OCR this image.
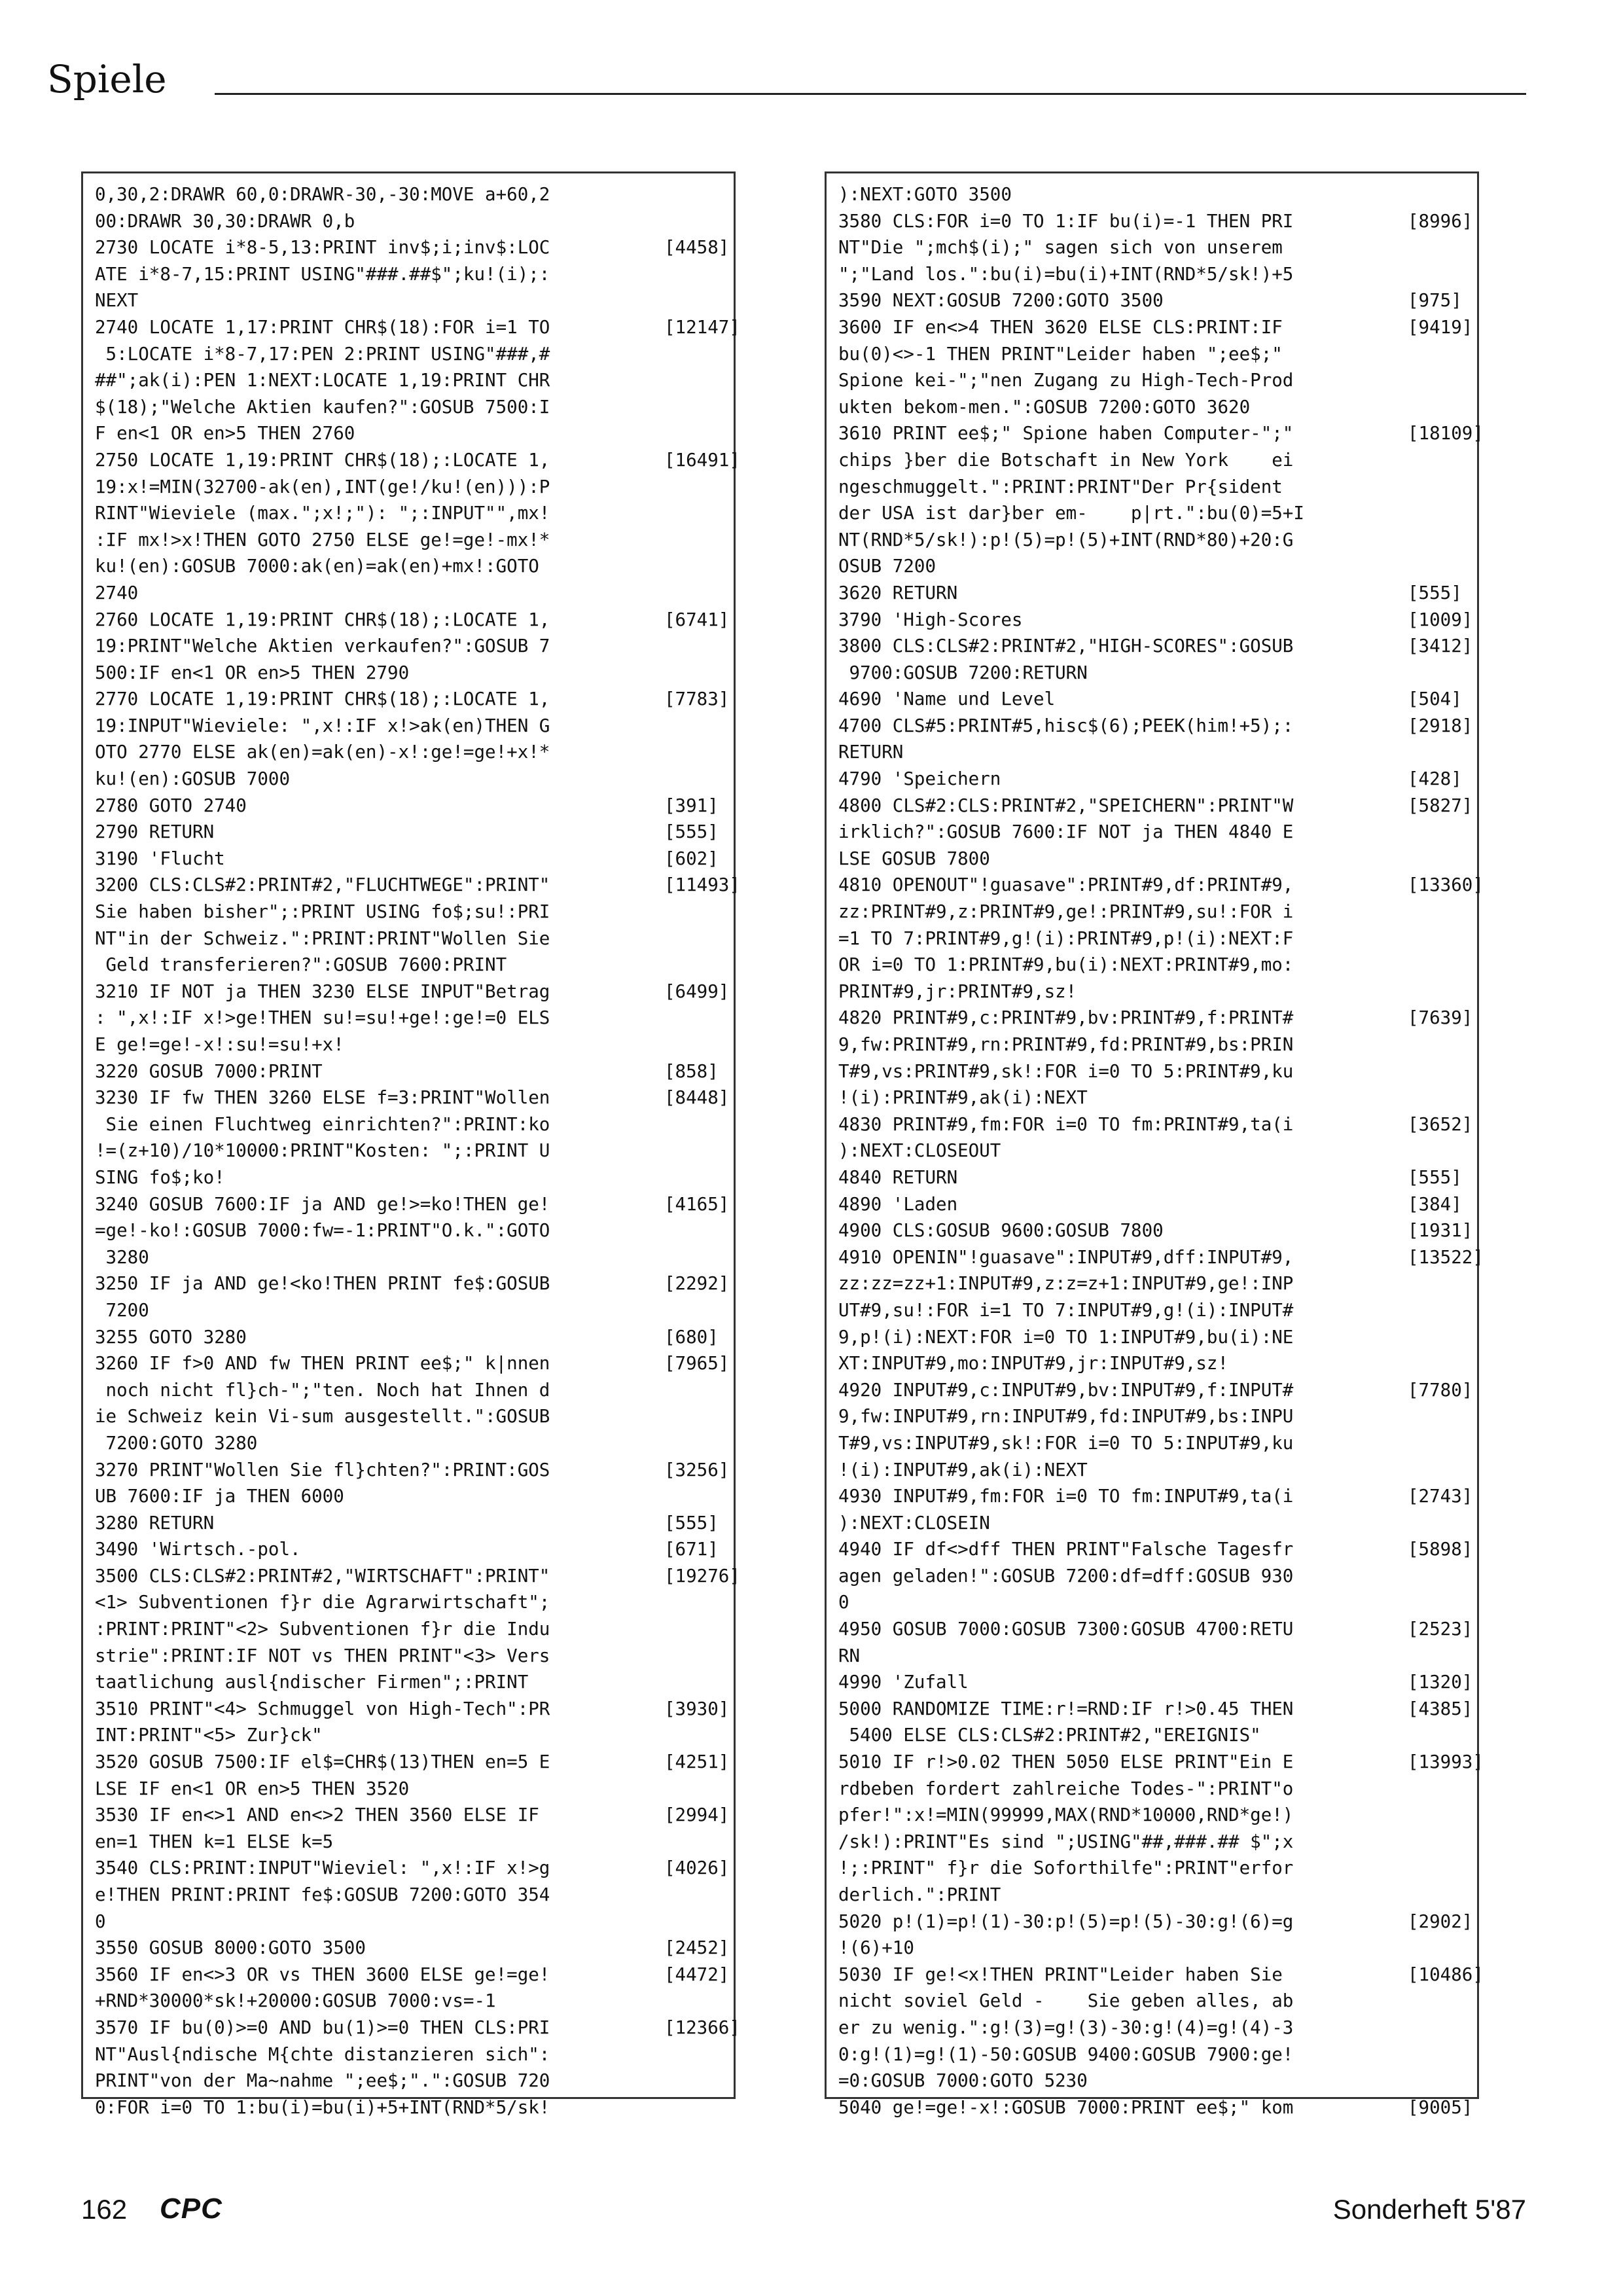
Spiele
0,30,2:DRAWR 60,0:DRAWR-30,-30:MOVE a+60,2
00:DRAWR 30,30:DRAWR 0,b
2730 LOCATE i*8-5,13:PRINT inv$;i;inv$:LOC	[4458]
ATE i*8-7,15:PRINT USING"###.##$";ku!(i);:
NEXT
2740 LOCATE 1,17:PRINT CHR$(18):FOR i=1 TO	[12147]
5:LOCATE i*8-7,17:PEN 2:PRINT USING"###,#
##";ak(i):PEN 1:NEXT:LOCATE 1,19:PRINT CHR
$(18);"Welche Aktien kaufen?":GOSUB 7500:I
F en<1 OR en>5 THEN 2760
2750 LOCATE 1,19:PRINT CHR$(18);:LOCATE 1,	[16491]
19:x!=MIN(32700-ak(en),INT(ge!/ku!(en))):P
RINT"Wieviele (max.";x!;"): ";:INPUT"",mx!
:IF mx!>x!THEN GOTO 2750 ELSE ge!=ge!-mx!*
ku!(en):GOSUB 7000:ak(en)=ak(en)+mx!:GOTO
2740
2760 LOCATE 1,19:PRINT CHR$(18);:LOCATE 1,	[6741]
19:PRINT"Welche Aktien verkaufen?":GOSUB 7
500:IF en<1 OR en>5 THEN 2790
2770 LOCATE 1,19:PRINT CHR$(18);:LOCATE 1,	[7783]
19:INPUT"Wieviele: ",x!:IF x!>ak(en)THEN G
OTO 2770 ELSE ak(en)=ak(en)-x!:ge!=ge!+x!*
ku!(en):GOSUB 7000
2780 GOTO 2740	[391]
2790 RETURN	[555]
3190 'Flucht	[602]
3200 CLS:CLS#2:PRINT#2,"FLUCHTWEGE":PRINT"	[11493]
Sie haben bisher";:PRINT USING fo$;su!:PRI
NT"in der Schweiz.":PRINT:PRINT"Wollen Sie
Geld transferieren?":GOSUB 7600:PRINT
3210 IF NOT ja THEN 3230 ELSE INPUT"Betrag	[6499]
: ",x!:IF x!>ge!THEN su!=su!+ge!:ge!=0 ELS
E ge!=ge!-x!:su!=su!+x!
3220 GOSUB 7000:PRINT	[858]
3230 IF fw THEN 3260 ELSE f=3:PRINT"Wollen	[8448]
Sie einen Fluchtweg einrichten?":PRINT:ko
!=(z+10)/10*10000:PRINT"Kosten: ";:PRINT U
SING fo$;ko!
3240 GOSUB 7600:IF ja AND ge!>=ko!THEN ge!	[4165]
=ge!-ko!:GOSUB 7000:fw=-1:PRINT"O.k.":GOTO
3280
3250 IF ja AND ge!<ko!THEN PRINT fe$:GOSUB	[2292]
7200
3255 GOTO 3280	[680]
3260 IF f>0 AND fw THEN PRINT ee$;" k|nnen	[7965]
noch nicht fl}ch-";"ten. Noch hat Ihnen d
ie Schweiz kein Vi-sum ausgestellt.":GOSUB
7200:GOTO 3280
3270 PRINT"Wollen Sie fl}chten?":PRINT:GOS	[3256]
UB 7600:IF ja THEN 6000
3280 RETURN	[555]
3490 'Wirtsch.-pol.	[671]
3500 CLS:CLS#2:PRINT#2,"WIRTSCHAFT":PRINT"	[19276]
<1> Subventionen f}r die Agrarwirtschaft";
:PRINT:PRINT"<2> Subventionen f}r die Indu
strie":PRINT:IF NOT vs THEN PRINT"<3> Vers
taatlichung ausl{ndischer Firmen";:PRINT
3510 PRINT"<4> Schmuggel von High-Tech":PR	[3930]
INT:PRINT"<5> Zur}ck"
3520 GOSUB 7500:IF el$=CHR$(13)THEN en=5 E	[4251]
LSE IF en<1 OR en>5 THEN 3520
3530 IF en<>1 AND en<>2 THEN 3560 ELSE IF	[2994]
en=1 THEN k=1 ELSE k=5
3540 CLS:PRINT:INPUT"Wieviel: ",x!:IF x!>g	[4026]
e!THEN PRINT:PRINT fe$:GOSUB 7200:GOTO 354
0
3550 GOSUB 8000:GOTO 3500	[2452]
3560 IF en<>3 OR vs THEN 3600 ELSE ge!=ge!	[4472]
+RND*30000*sk!+20000:GOSUB 7000:vs=-1
3570 IF bu(0)>=0 AND bu(1)>=0 THEN CLS:PRI	[12366]
NT"Ausl{ndische M{chte distanzieren sich":
PRINT"von der Ma~nahme ";ee$;".":GOSUB 720
0:FOR i=0 TO 1:bu(i)=bu(i)+5+INT(RND*5/sk!
):NEXT:GOTO 3500
3580 CLS:FOR i=0 TO 1:IF bu(i)=-1 THEN PRI	[8996]
NT"Die ";mch$(i);" sagen sich von unserem
";"Land los.":bu(i)=bu(i)+INT(RND*5/sk!)+5
3590 NEXT:GOSUB 7200:GOTO 3500	[975]
3600 IF en<>4 THEN 3620 ELSE CLS:PRINT:IF	[9419]
bu(0)<>-1 THEN PRINT"Leider haben ";ee$;"
Spione kei-";"nen Zugang zu High-Tech-Prod
ukten bekom-men.":GOSUB 7200:GOTO 3620
3610 PRINT ee$;" Spione haben Computer-";"	[18109]
chips }ber die Botschaft in New York    ei
ngeschmuggelt.":PRINT:PRINT"Der Pr{sident
der USA ist dar}ber em-    p|rt.":bu(0)=5+I
NT(RND*5/sk!):p!(5)=p!(5)+INT(RND*80)+20:G
OSUB 7200
3620 RETURN	[555]
3790 'High-Scores	[1009]
3800 CLS:CLS#2:PRINT#2,"HIGH-SCORES":GOSUB	[3412]
9700:GOSUB 7200:RETURN
4690 'Name und Level	[504]
4700 CLS#5:PRINT#5,hisc$(6);PEEK(him!+5);:	[2918]
RETURN
4790 'Speichern	[428]
4800 CLS#2:CLS:PRINT#2,"SPEICHERN":PRINT"W	[5827]
irklich?":GOSUB 7600:IF NOT ja THEN 4840 E
LSE GOSUB 7800
4810 OPENOUT"!guasave":PRINT#9,df:PRINT#9,	[13360]
zz:PRINT#9,z:PRINT#9,ge!:PRINT#9,su!:FOR i
=1 TO 7:PRINT#9,g!(i):PRINT#9,p!(i):NEXT:F
OR i=0 TO 1:PRINT#9,bu(i):NEXT:PRINT#9,mo:
PRINT#9,jr:PRINT#9,sz!
4820 PRINT#9,c:PRINT#9,bv:PRINT#9,f:PRINT#	[7639]
9,fw:PRINT#9,rn:PRINT#9,fd:PRINT#9,bs:PRIN
T#9,vs:PRINT#9,sk!:FOR i=0 TO 5:PRINT#9,ku
!(i):PRINT#9,ak(i):NEXT
4830 PRINT#9,fm:FOR i=0 TO fm:PRINT#9,ta(i	[3652]
):NEXT:CLOSEOUT
4840 RETURN	[555]
4890 'Laden	[384]
4900 CLS:GOSUB 9600:GOSUB 7800	[1931]
4910 OPENIN"!guasave":INPUT#9,dff:INPUT#9,	[13522]
zz:zz=zz+1:INPUT#9,z:z=z+1:INPUT#9,ge!:INP
UT#9,su!:FOR i=1 TO 7:INPUT#9,g!(i):INPUT#
9,p!(i):NEXT:FOR i=0 TO 1:INPUT#9,bu(i):NE
XT:INPUT#9,mo:INPUT#9,jr:INPUT#9,sz!
4920 INPUT#9,c:INPUT#9,bv:INPUT#9,f:INPUT#	[7780]
9,fw:INPUT#9,rn:INPUT#9,fd:INPUT#9,bs:INPU
T#9,vs:INPUT#9,sk!:FOR i=0 TO 5:INPUT#9,ku
!(i):INPUT#9,ak(i):NEXT
4930 INPUT#9,fm:FOR i=0 TO fm:INPUT#9,ta(i	[2743]
):NEXT:CLOSEIN
4940 IF df<>dff THEN PRINT"Falsche Tagesfr	[5898]
agen geladen!":GOSUB 7200:df=dff:GOSUB 930
0
4950 GOSUB 7000:GOSUB 7300:GOSUB 4700:RETU	[2523]
RN
4990 'Zufall	[1320]
5000 RANDOMIZE TIME:r!=RND:IF r!>0.45 THEN	[4385]
5400 ELSE CLS:CLS#2:PRINT#2,"EREIGNIS"
5010 IF r!>0.02 THEN 5050 ELSE PRINT"Ein E	[13993]
rdbeben fordert zahlreiche Todes-":PRINT"o
pfer!":x!=MIN(99999,MAX(RND*10000,RND*ge!)
/sk!):PRINT"Es sind ";USING"##,###.## $";x
!;:PRINT" f}r die Soforthilfe":PRINT"erfor
derlich.":PRINT
5020 p!(1)=p!(1)-30:p!(5)=p!(5)-30:g!(6)=g	[2902]
!(6)+10
5030 IF ge!<x!THEN PRINT"Leider haben Sie	[10486]
nicht soviel Geld -    Sie geben alles, ab
er zu wenig.":g!(3)=g!(3)-30:g!(4)=g!(4)-3
0:g!(1)=g!(1)-50:GOSUB 9400:GOSUB 7900:ge!
=0:GOSUB 7000:GOTO 5230
5040 ge!=ge!-x!:GOSUB 7000:PRINT ee$;" kom	[9005]
162 CPC	Sonderheft 5'87
